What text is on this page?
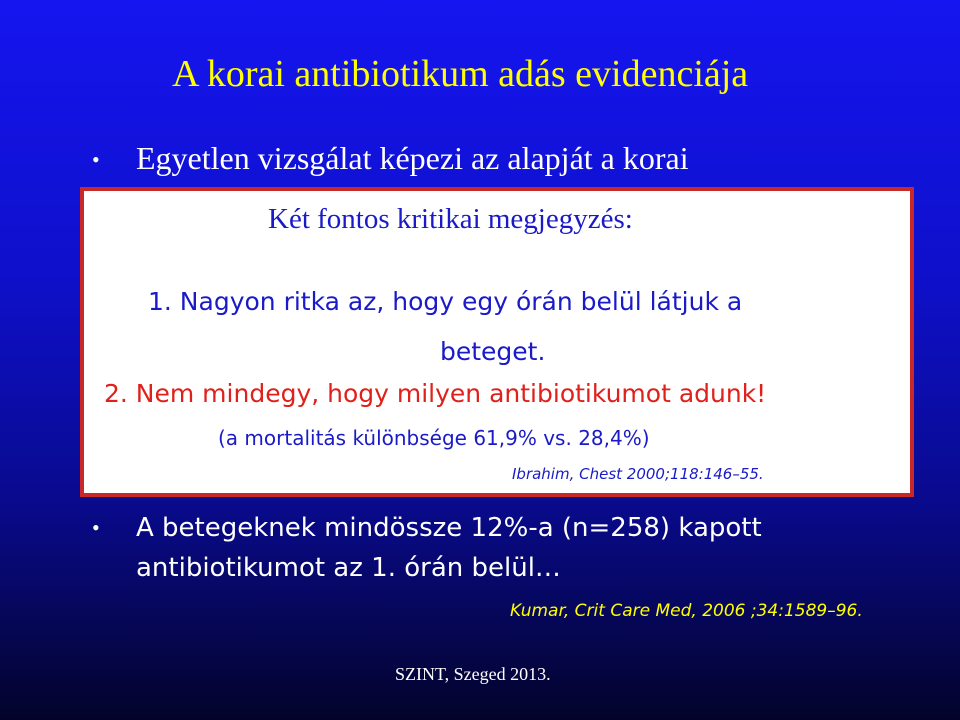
A korai antibiotikum adás evidenciája
• Egyetlen vizsgálat képezi az alapját a korai
Két fontos kritikai megjegyzés:
1. Nagyon ritka az, hogy egy órán belül látjuk a
beteget.
2. Nem mindegy, hogy milyen antibiotikumot adunk!
(a mortalitás különbsége 61,9% vs. 28,4%)
Ibrahim, Chest 2000;118:146–55.
• A betegeknek mindössze 12%-a (n=258) kapott
antibiotikumot az 1. órán belül…
Kumar, Crit Care Med, 2006 ;34:1589–96.
SZINT, Szeged 2013.
